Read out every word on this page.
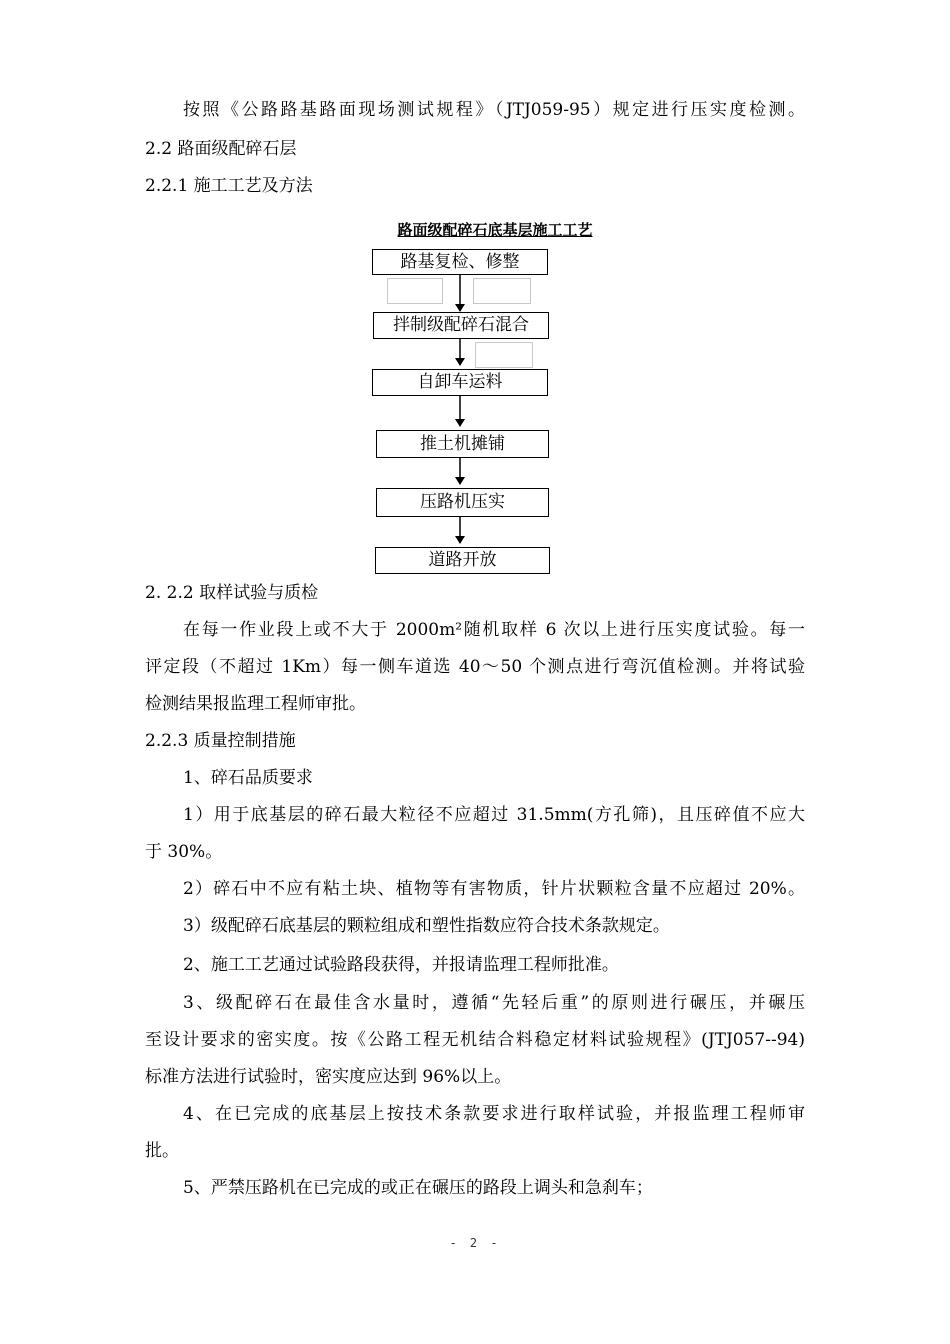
按照《公路路基路面现场测试规程》（JTJ059-95）规定进行压实度检测。
2.2 路面级配碎石层
2.2.1 施工工艺及方法
路面级配碎石底基层施工工艺
路基复检、修整
拌制级配碎石混合
自卸车运料
推土机摊铺
压路机压实
道路开放
2. 2.2 取样试验与质检
在每一作业段上或不大于 2000m²随机取样 6 次以上进行压实度试验。每一
评定段（不超过 1Km）每一侧车道选 40～50 个测点进行弯沉值检测。并将试验
检测结果报监理工程师审批。
2.2.3 质量控制措施
1、碎石品质要求
1）用于底基层的碎石最大粒径不应超过 31.5mm(方孔筛)，且压碎值不应大
于 30%。
2）碎石中不应有粘土块、植物等有害物质，针片状颗粒含量不应超过 20%。
3）级配碎石底基层的颗粒组成和塑性指数应符合技术条款规定。
2、施工工艺通过试验路段获得，并报请监理工程师批准。
3、级配碎石在最佳含水量时，遵循“先轻后重”的原则进行碾压，并碾压
至设计要求的密实度。按《公路工程无机结合料稳定材料试验规程》(JTJ057--94)
标准方法进行试验时，密实度应达到 96%以上。
4、在已完成的底基层上按技术条款要求进行取样试验，并报监理工程师审
批。
5、严禁压路机在已完成的或正在碾压的路段上调头和急刹车；
- 2 -
